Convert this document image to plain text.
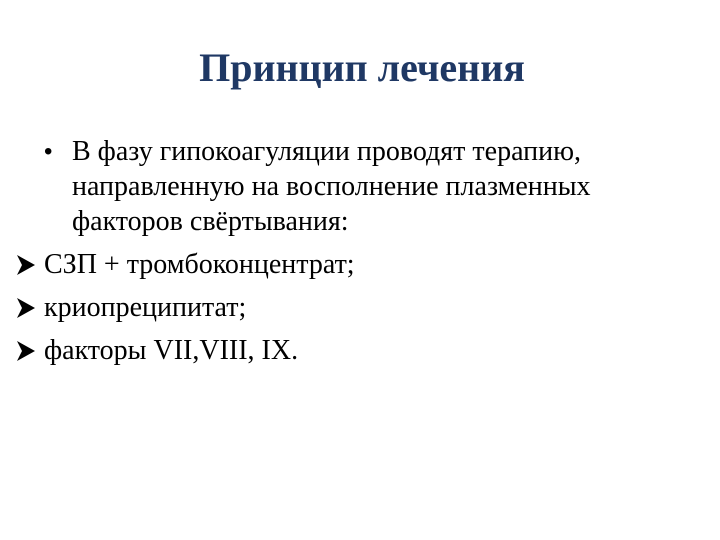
Принцип лечения
• В фазу гипокоагуляции проводят терапию, направленную на восполнение плазменных факторов свёртывания:
СЗП + тромбоконцентрат;
криопреципитат;
факторы VII,VIII, IX.
